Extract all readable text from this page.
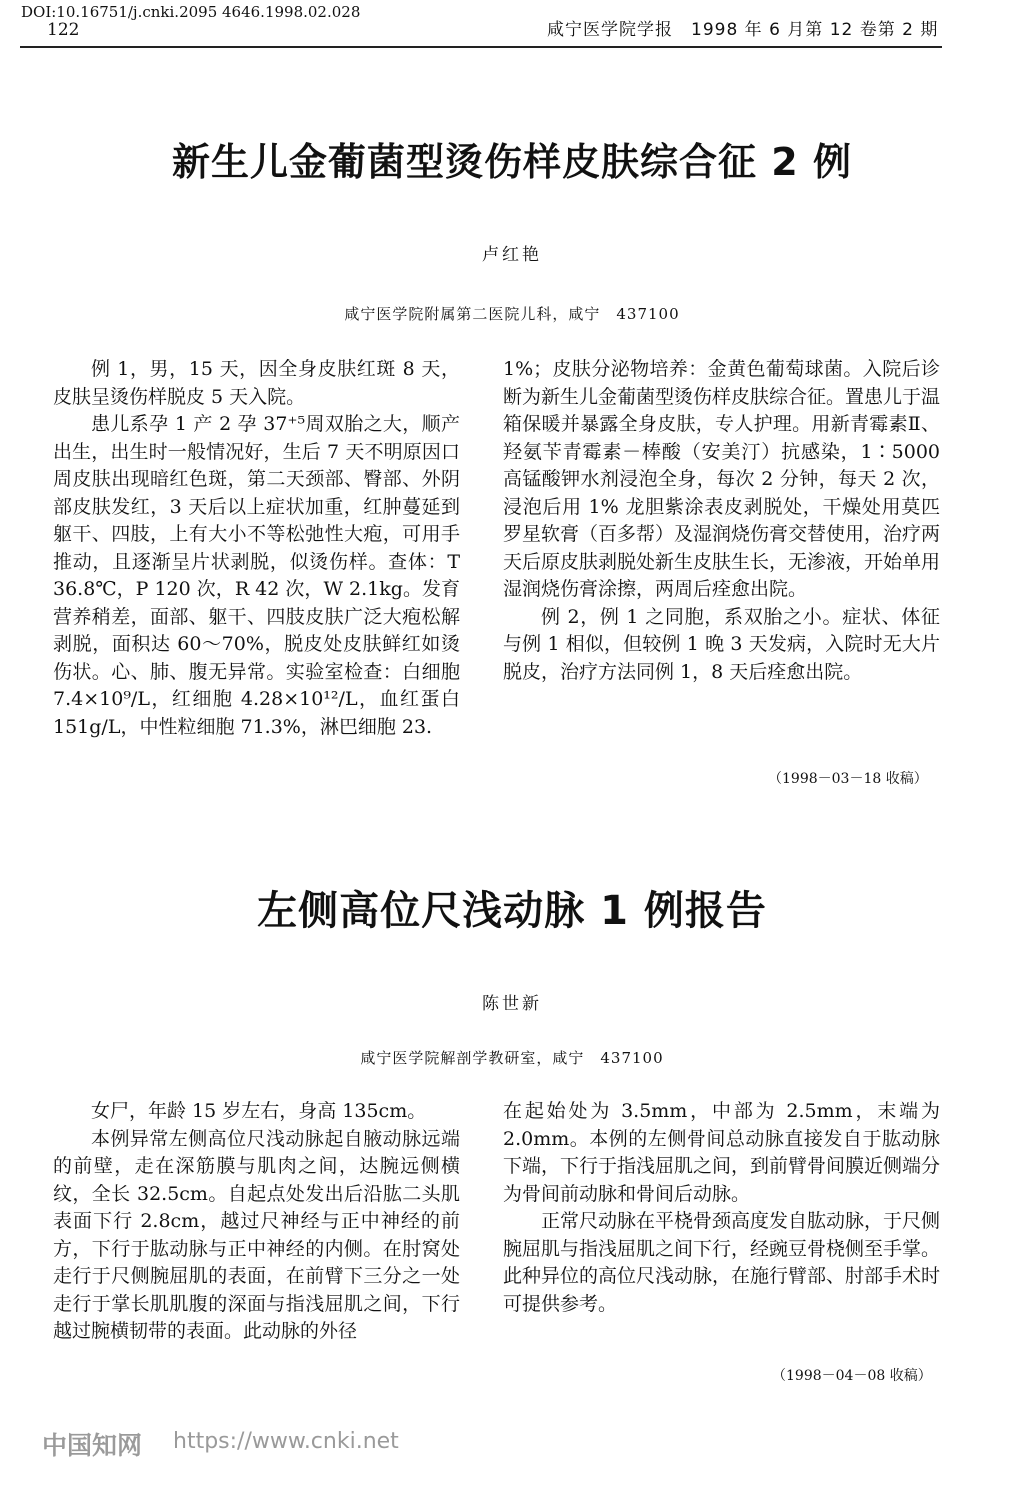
DOI:10.16751/j.cnki.2095 4646.1998.02.028
122	咸宁医学院学报　1998 年 6 月第 12 卷第 2 期
新生儿金葡菌型烫伤样皮肤综合征 2 例
卢红艳
咸宁医学院附属第二医院儿科，咸宁　437100

例 1，男，15 天，因全身皮肤红斑 8 天，皮肤呈烫伤样脱皮 5 天入院。

患儿系孕 1 产 2 孕 37⁺⁵周双胎之大，顺产出生，出生时一般情况好，生后 7 天不明原因口周皮肤出现暗红色斑，第二天颈部、臀部、外阴部皮肤发红，3 天后以上症状加重，红肿蔓延到躯干、四肢，上有大小不等松弛性大疱，可用手推动，且逐渐呈片状剥脱，似烫伤样。查体：T 36.8℃，P 120 次，R 42 次，W 2.1kg。发育营养稍差，面部、躯干、四肢皮肤广泛大疱松解剥脱，面积达 60～70%，脱皮处皮肤鲜红如烫伤状。心、肺、腹无异常。实验室检查：白细胞 7.4×10⁹/L，红细胞 4.28×10¹²/L，血红蛋白 151g/L，中性粒细胞 71.3%，淋巴细胞 23.

1%；皮肤分泌物培养：金黄色葡萄球菌。入院后诊断为新生儿金葡菌型烫伤样皮肤综合征。置患儿于温箱保暖并暴露全身皮肤，专人护理。用新青霉素Ⅱ、羟氨苄青霉素－棒酸（安美汀）抗感染，1∶5000 高锰酸钾水剂浸泡全身，每次 2 分钟，每天 2 次，浸泡后用 1% 龙胆紫涂表皮剥脱处，干燥处用莫匹罗星软膏（百多帮）及湿润烧伤膏交替使用，治疗两天后原皮肤剥脱处新生皮肤生长，无渗液，开始单用湿润烧伤膏涂擦，两周后痊愈出院。

例 2，例 1 之同胞，系双胎之小。症状、体征与例 1 相似，但较例 1 晚 3 天发病，入院时无大片脱皮，治疗方法同例 1，8 天后痊愈出院。

（1998－03－18 收稿）
左侧高位尺浅动脉 1 例报告
陈世新
咸宁医学院解剖学教研室，咸宁　437100

女尸，年龄 15 岁左右，身高 135cm。

本例异常左侧高位尺浅动脉起自腋动脉远端的前壁，走在深筋膜与肌肉之间，达腕远侧横纹，全长 32.5cm。自起点处发出后沿肱二头肌表面下行 2.8cm，越过尺神经与正中神经的前方，下行于肱动脉与正中神经的内侧。在肘窝处走行于尺侧腕屈肌的表面，在前臂下三分之一处走行于掌长肌肌腹的深面与指浅屈肌之间，下行越过腕横韧带的表面。此动脉的外径

在起始处为 3.5mm，中部为 2.5mm，末端为 2.0mm。本例的左侧骨间总动脉直接发自于肱动脉下端，下行于指浅屈肌之间，到前臂骨间膜近侧端分为骨间前动脉和骨间后动脉。

正常尺动脉在平桡骨颈高度发自肱动脉，于尺侧腕屈肌与指浅屈肌之间下行，经豌豆骨桡侧至手掌。此种异位的高位尺浅动脉，在施行臂部、肘部手术时可提供参考。

（1998－04－08 收稿）
中国知网 https://www.cnki.net
